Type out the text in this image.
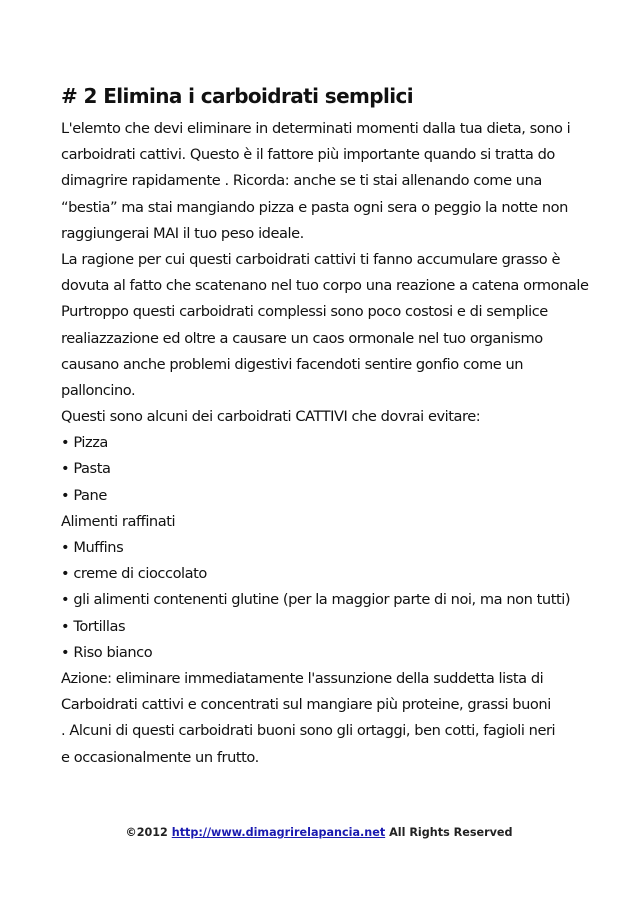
# 2 Elimina i carboidrati semplici
L'elemto che devi eliminare in determinati momenti dalla tua dieta, sono i
carboidrati cattivi. Questo è il fattore più importante quando si tratta do
dimagrire rapidamente . Ricorda: anche se ti stai allenando come una
“bestia” ma stai mangiando pizza e pasta ogni sera o peggio la notte non
raggiungerai MAI il tuo peso ideale.
La ragione per cui questi carboidrati cattivi ti fanno accumulare grasso è
dovuta al fatto che scatenano nel tuo corpo una reazione a catena ormonale
Purtroppo questi carboidrati complessi sono poco costosi e di semplice
realiazzazione ed oltre a causare un caos ormonale nel tuo organismo
causano anche problemi digestivi facendoti sentire gonfio come un
palloncino.
Questi sono alcuni dei carboidrati CATTIVI che dovrai evitare:
• Pizza
• Pasta
• Pane
Alimenti raffinati
• Muffins
• creme di cioccolato
• gli alimenti contenenti glutine (per la maggior parte di noi, ma non tutti)
• Tortillas
• Riso bianco
Azione: eliminare immediatamente l'assunzione della suddetta lista di
Carboidrati cattivi e concentrati sul mangiare più proteine, grassi buoni
. Alcuni di questi carboidrati buoni sono gli ortaggi, ben cotti, fagioli neri
e occasionalmente un frutto.
©2012 http://www.dimagrirelapancia.net All Rights Reserved
